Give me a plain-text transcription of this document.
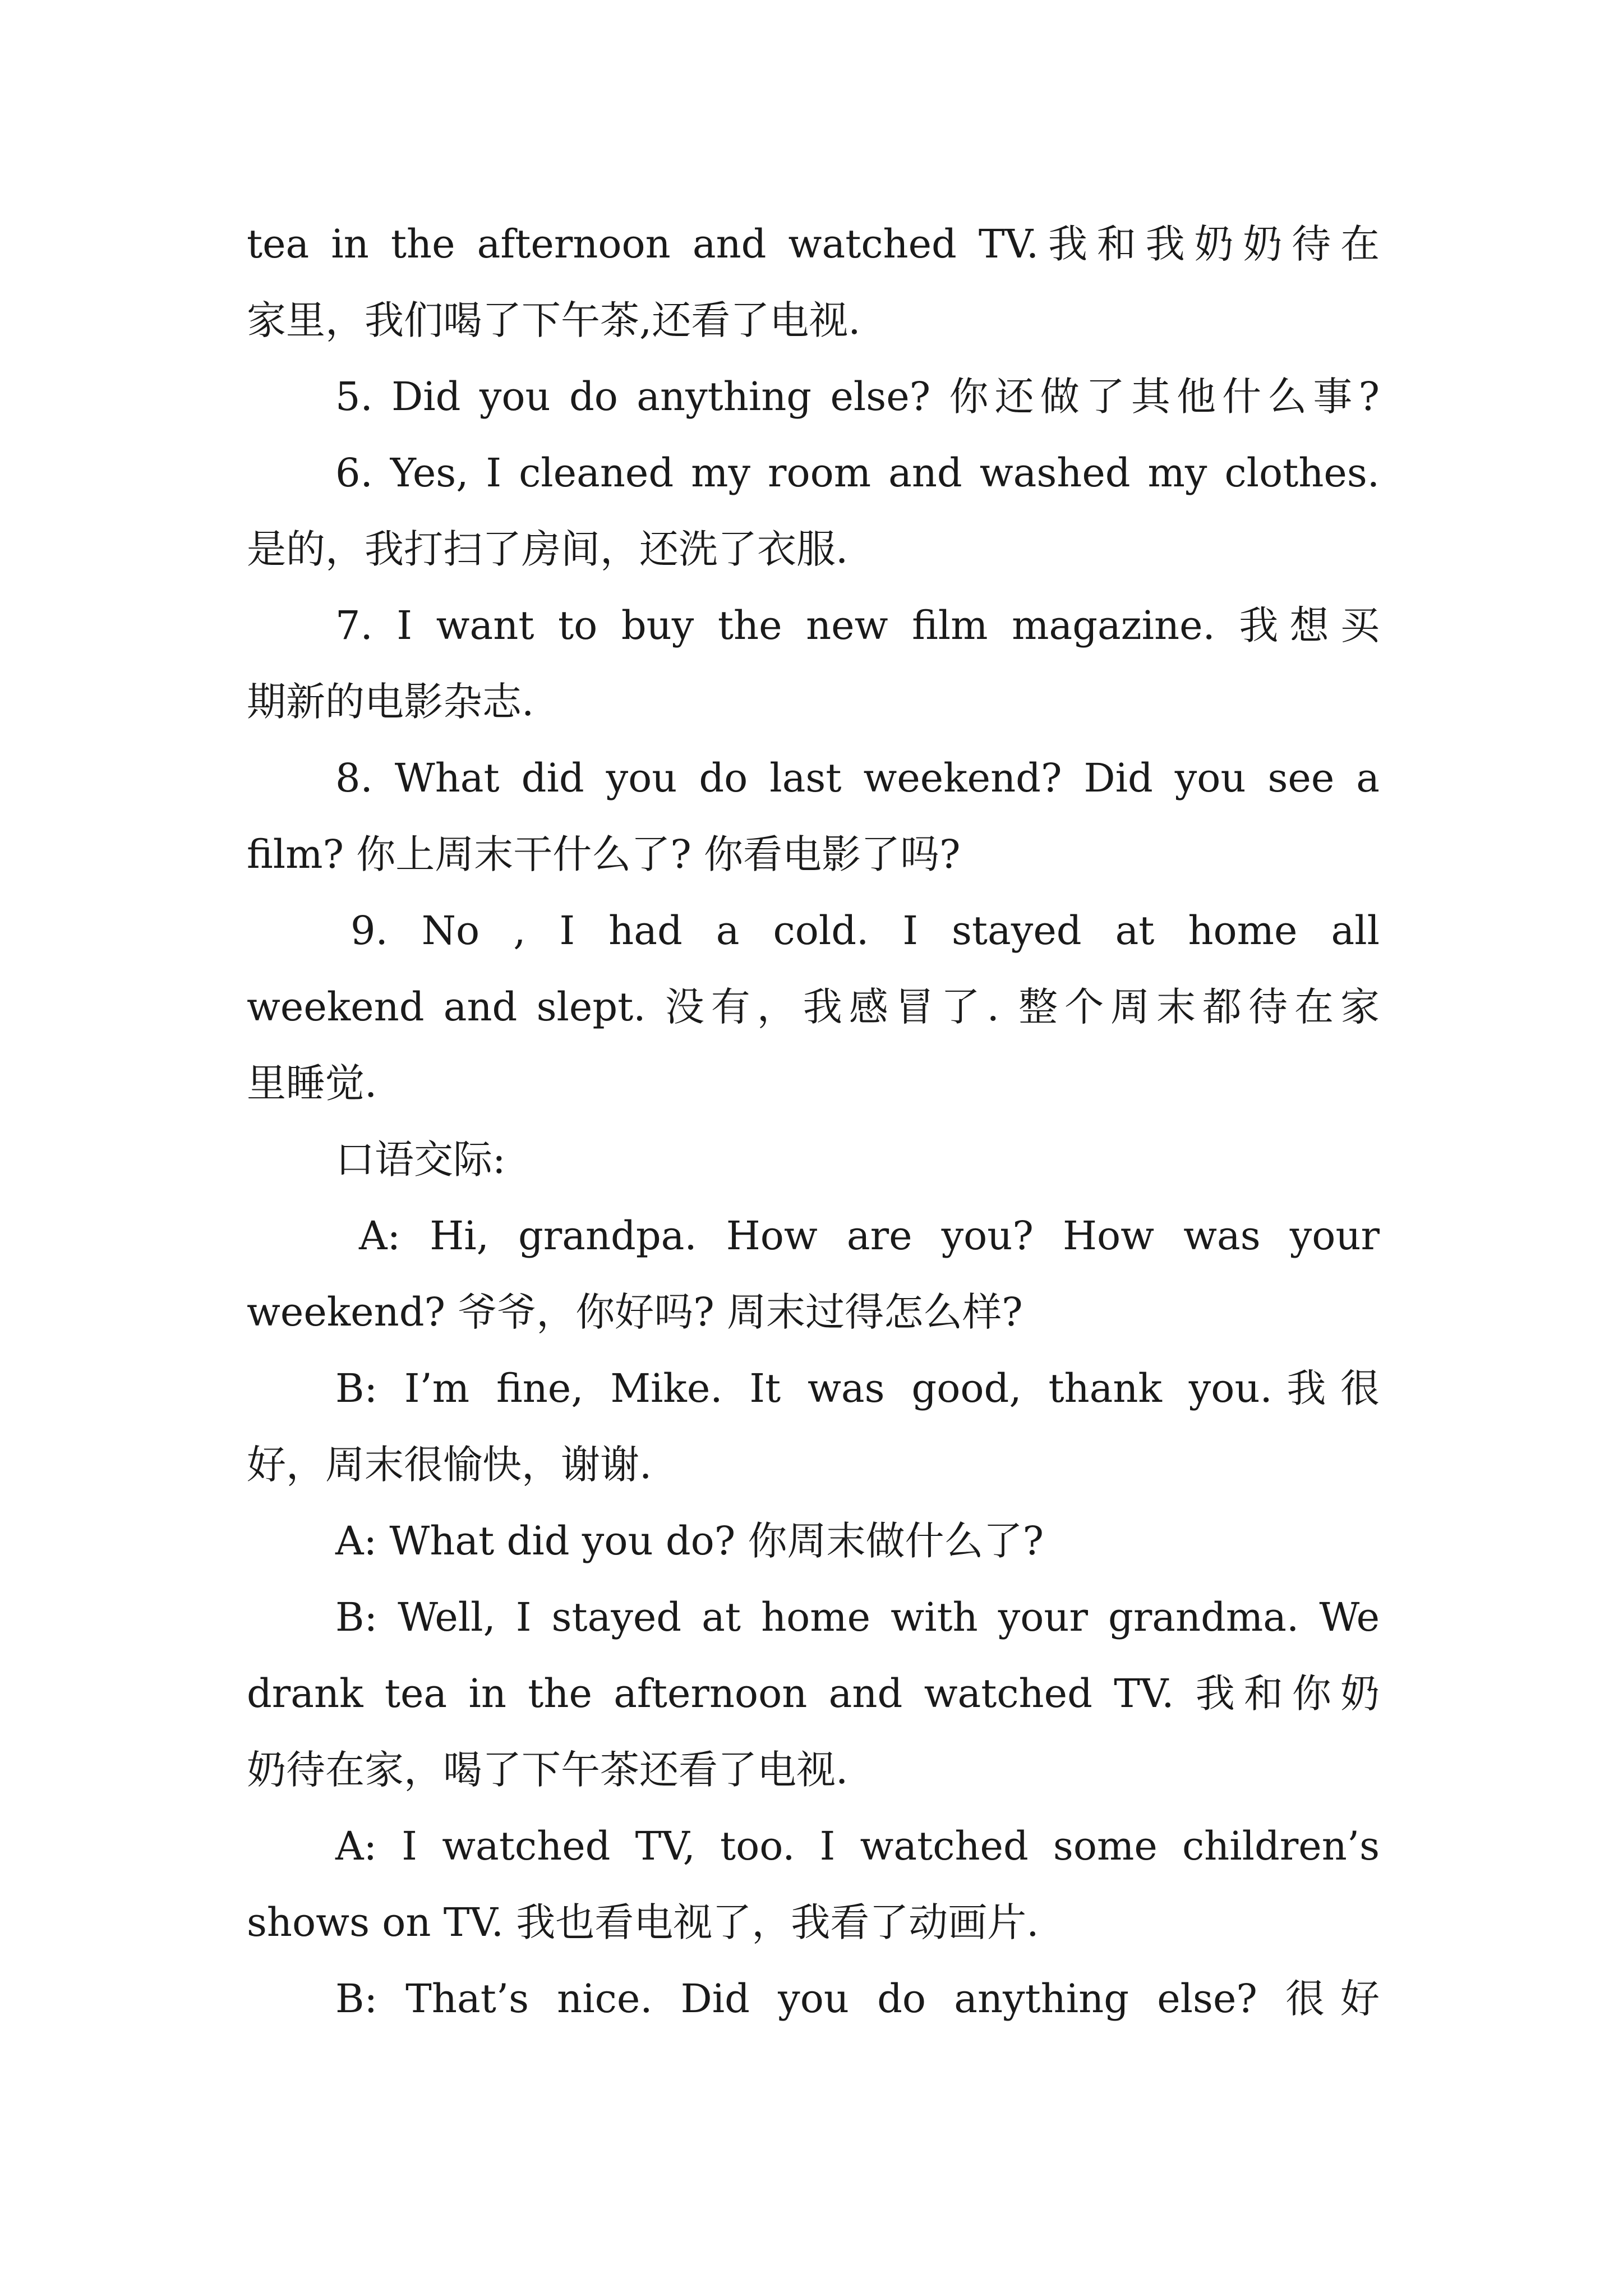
tea in the afternoon and watched TV.我和我奶奶待在
家里，我们喝了下午茶,还看了电视.
5. Did you do anything else? 你还做了其他什么事?
6. Yes, I cleaned my room and washed my clothes.
是的，我打扫了房间，还洗了衣服.
7. I want to buy the new film magazine. 我想买
期新的电影杂志.
8. What did you do last weekend? Did you see a
film? 你上周末干什么了? 你看电影了吗?
9. No , I had a cold. I stayed at home all
weekend and slept. 没有，我感冒了. 整个周末都待在家
里睡觉.
口语交际:
A: Hi, grandpa. How are you? How was your
weekend? 爷爷，你好吗? 周末过得怎么样?
B: I’m fine, Mike. It was good, thank you.我很
好，周末很愉快，谢谢.
A: What did you do? 你周末做什么了?
B: Well, I stayed at home with your grandma. We
drank tea in the afternoon and watched TV. 我和你奶
奶待在家，喝了下午茶还看了电视.
A: I watched TV, too. I watched some children’s
shows on TV. 我也看电视了，我看了动画片.
B: That’s nice. Did you do anything else? 很好
